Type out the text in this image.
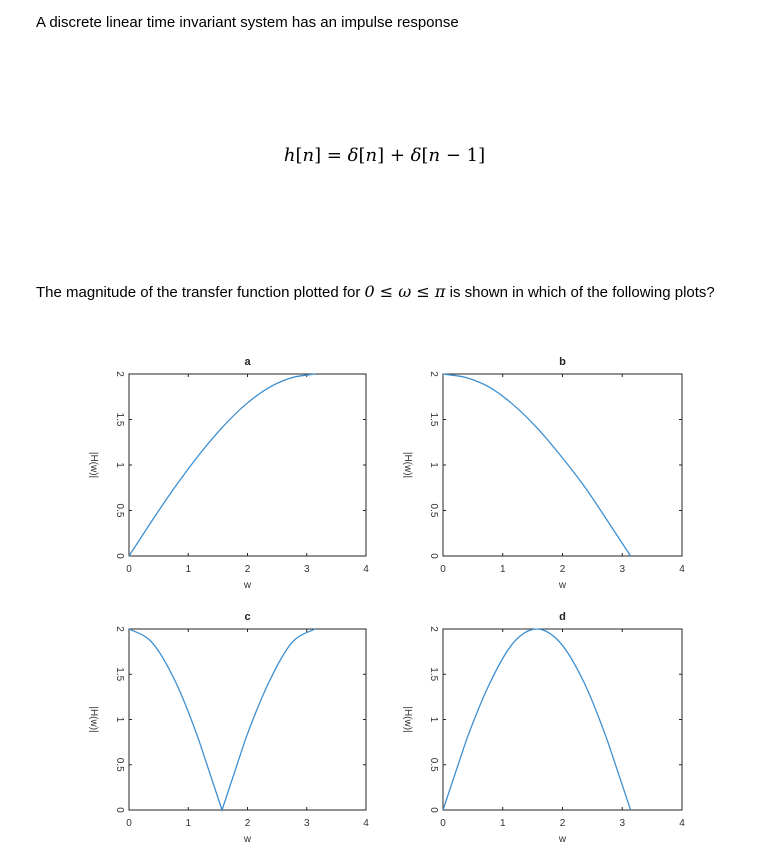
A discrete linear time invariant system has an impulse response
h[n] = δ[n] + δ[n − 1]
The magnitude of the transfer function plotted for 0 ≤ ω ≤ π is shown in which of the following plots?
a
0	1	2	3	4
0
0.5
1
1.5
2
w
|H(w)|
b
0	1	2	3	4
0
0.5
1
1.5
2
w
|H(w)|
c
0	1	2	3	4
0
0.5
1
1.5
2
w
|H(w)|
d
0	1	2	3	4
0
0.5
1
1.5
2
w
|H(w)|
